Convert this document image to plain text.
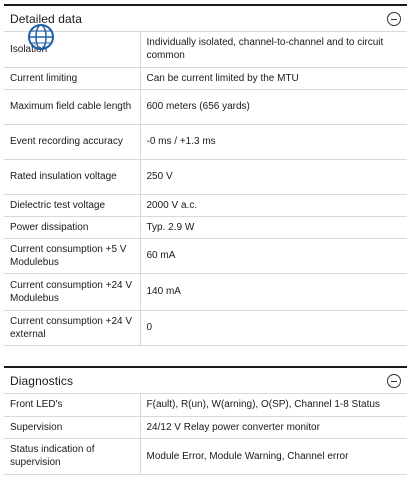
Detailed data
Isolation	Individually isolated, channel-to-channel and to circuit common
Current limiting	Can be current limited by the MTU
Maximum field cable length	600 meters (656 yards)
Event recording accuracy	-0 ms / +1.3 ms
Rated insulation voltage	250 V
Dielectric test voltage	2000 V a.c.
Power dissipation	Typ. 2.9 W
Current consumption +5 V Modulebus	60 mA
Current consumption +24 V Modulebus	140 mA
Current consumption +24 V external	0
Diagnostics
Front LED's	F(ault), R(un), W(arning), O(SP), Channel 1-8 Status
Supervision	24/12 V Relay power converter monitor
Status indication of supervision	Module Error, Module Warning, Channel error
